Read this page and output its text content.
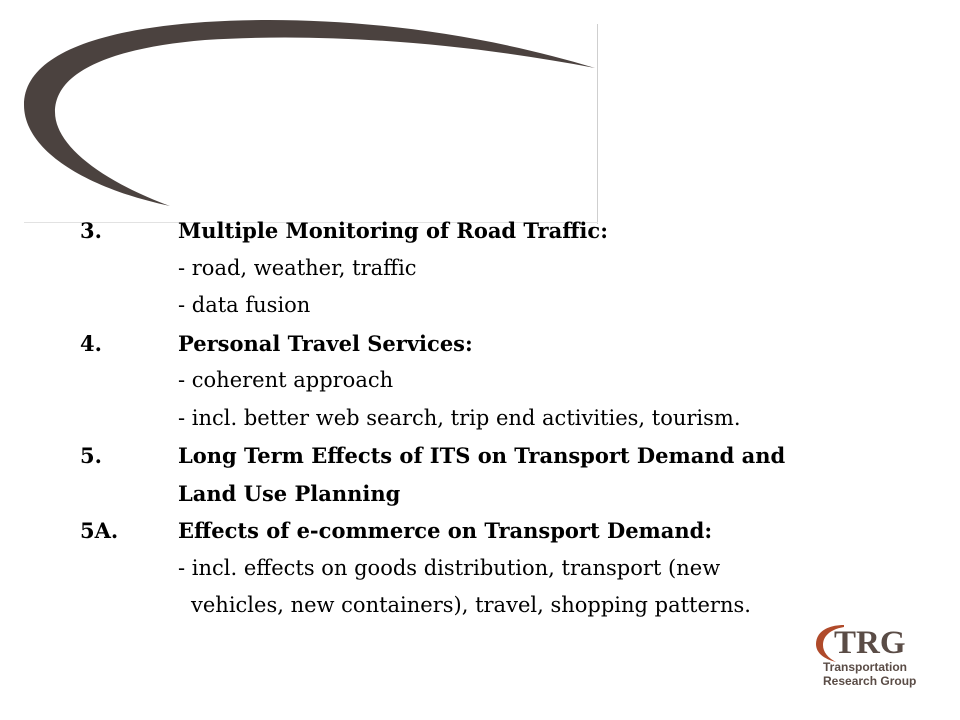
3.	Multiple Monitoring of Road Traffic:
- road, weather, traffic
- data fusion
4.	Personal Travel Services:
- coherent approach
- incl. better web search, trip end activities, tourism.
5.	Long Term Effects of ITS on Transport Demand and
Land Use Planning
5A.	Effects of e-commerce on Transport Demand:
- incl. effects on goods distribution, transport (new
vehicles, new containers), travel, shopping patterns.
TRG
Transportation
Research Group
